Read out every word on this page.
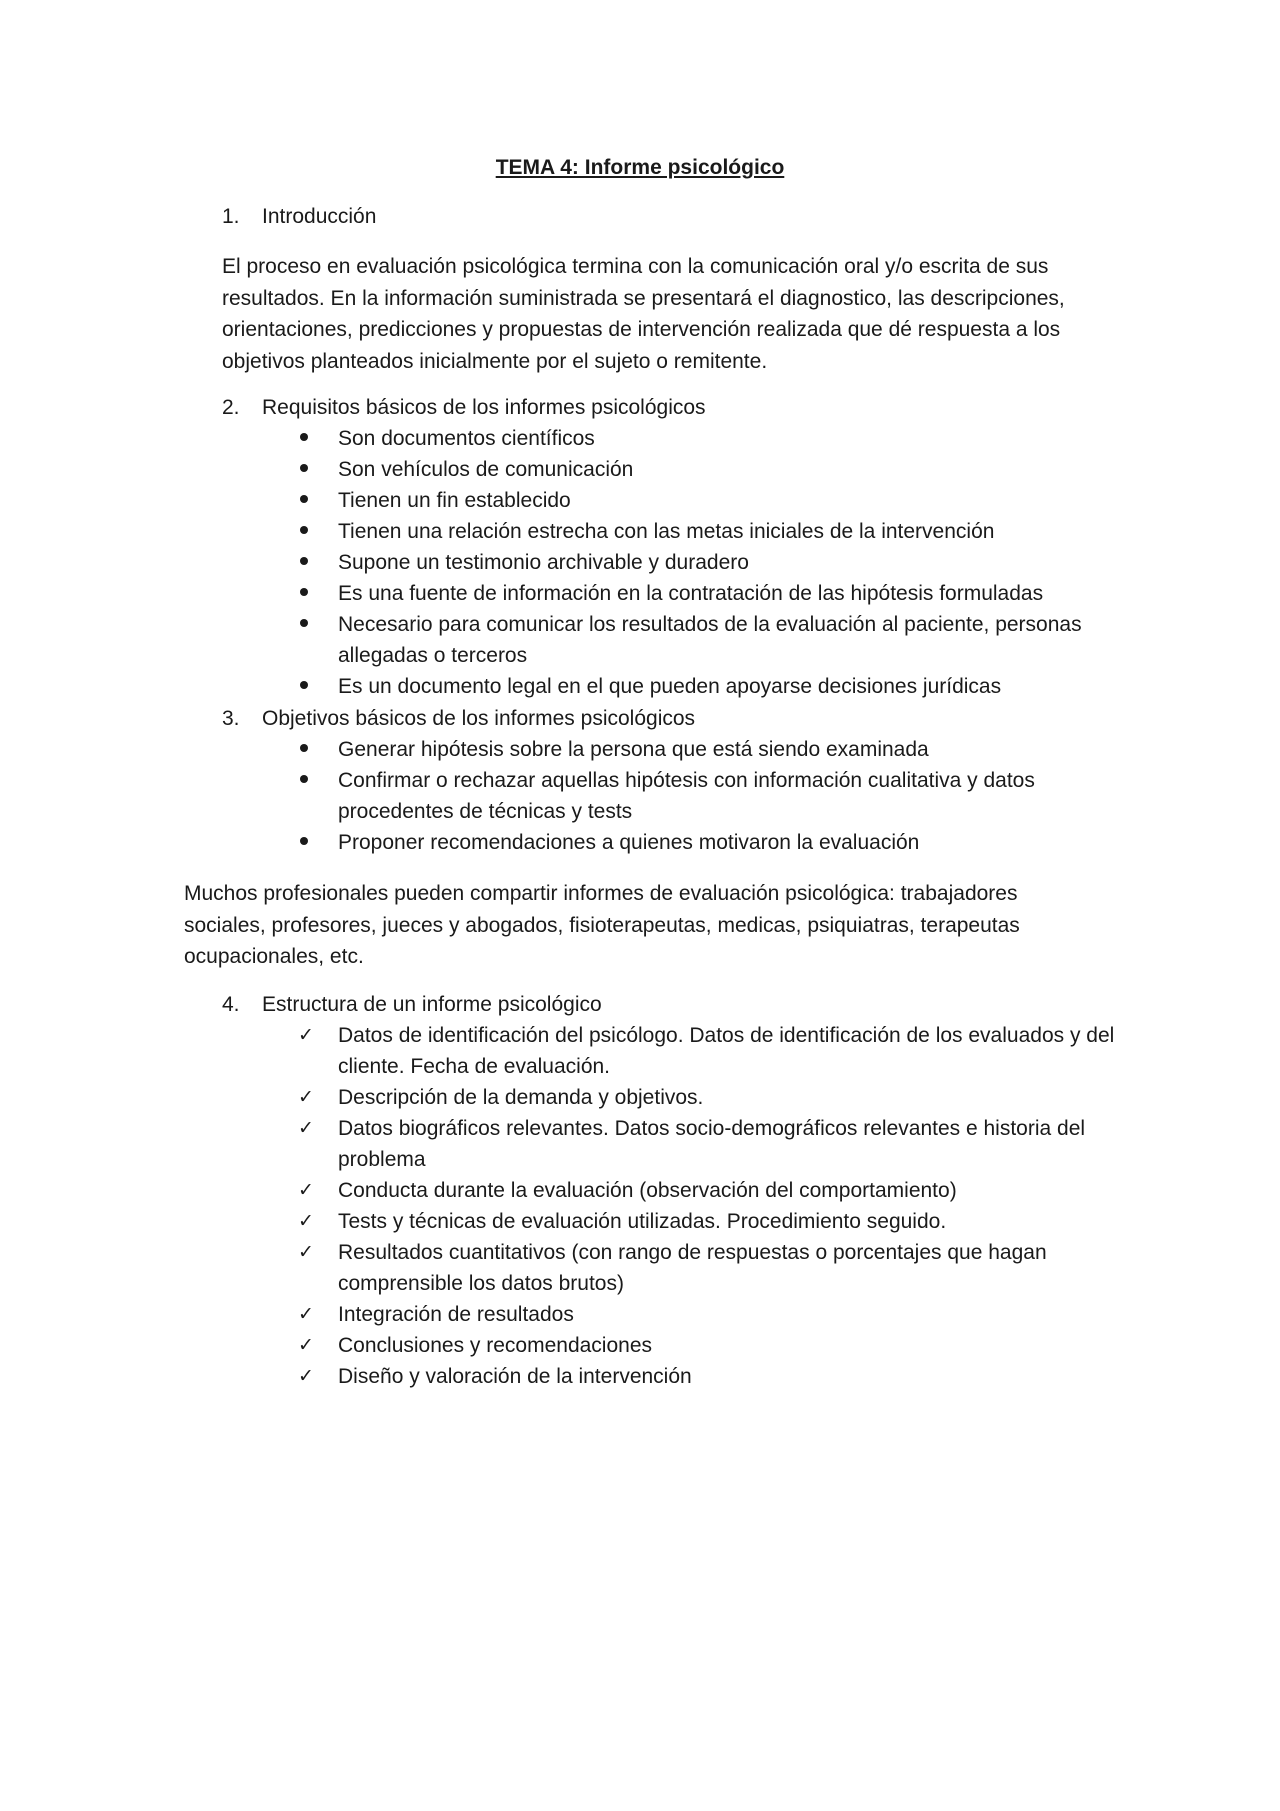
TEMA 4: Informe psicológico
1. Introducción
El proceso en evaluación psicológica termina con la comunicación oral y/o escrita de sus resultados. En la información suministrada se presentará el diagnostico, las descripciones, orientaciones, predicciones y propuestas de intervención realizada que dé respuesta a los objetivos planteados inicialmente por el sujeto o remitente.
2. Requisitos básicos de los informes psicológicos
Son documentos científicos
Son vehículos de comunicación
Tienen un fin establecido
Tienen una relación estrecha con las metas iniciales de la intervención
Supone un testimonio archivable y duradero
Es una fuente de información en la contratación de las hipótesis formuladas
Necesario para comunicar los resultados de la evaluación al paciente, personas allegadas o terceros
Es un documento legal en el que pueden apoyarse decisiones jurídicas
3. Objetivos básicos de los informes psicológicos
Generar hipótesis sobre la persona que está siendo examinada
Confirmar o rechazar aquellas hipótesis con información cualitativa y datos procedentes de técnicas y tests
Proponer recomendaciones a quienes motivaron la evaluación
Muchos profesionales pueden compartir informes de evaluación psicológica: trabajadores sociales, profesores, jueces y abogados, fisioterapeutas, medicas, psiquiatras, terapeutas ocupacionales, etc.
4. Estructura de un informe psicológico
✓	Datos de identificación del psicólogo. Datos de identificación de los evaluados y del cliente. Fecha de evaluación.
✓	Descripción de la demanda y objetivos.
✓	Datos biográficos relevantes. Datos socio-demográficos relevantes e historia del problema
✓	Conducta durante la evaluación (observación del comportamiento)
✓	Tests y técnicas de evaluación utilizadas. Procedimiento seguido.
✓	Resultados cuantitativos (con rango de respuestas o porcentajes que hagan comprensible los datos brutos)
✓	Integración de resultados
✓	Conclusiones y recomendaciones
✓	Diseño y valoración de la intervención
